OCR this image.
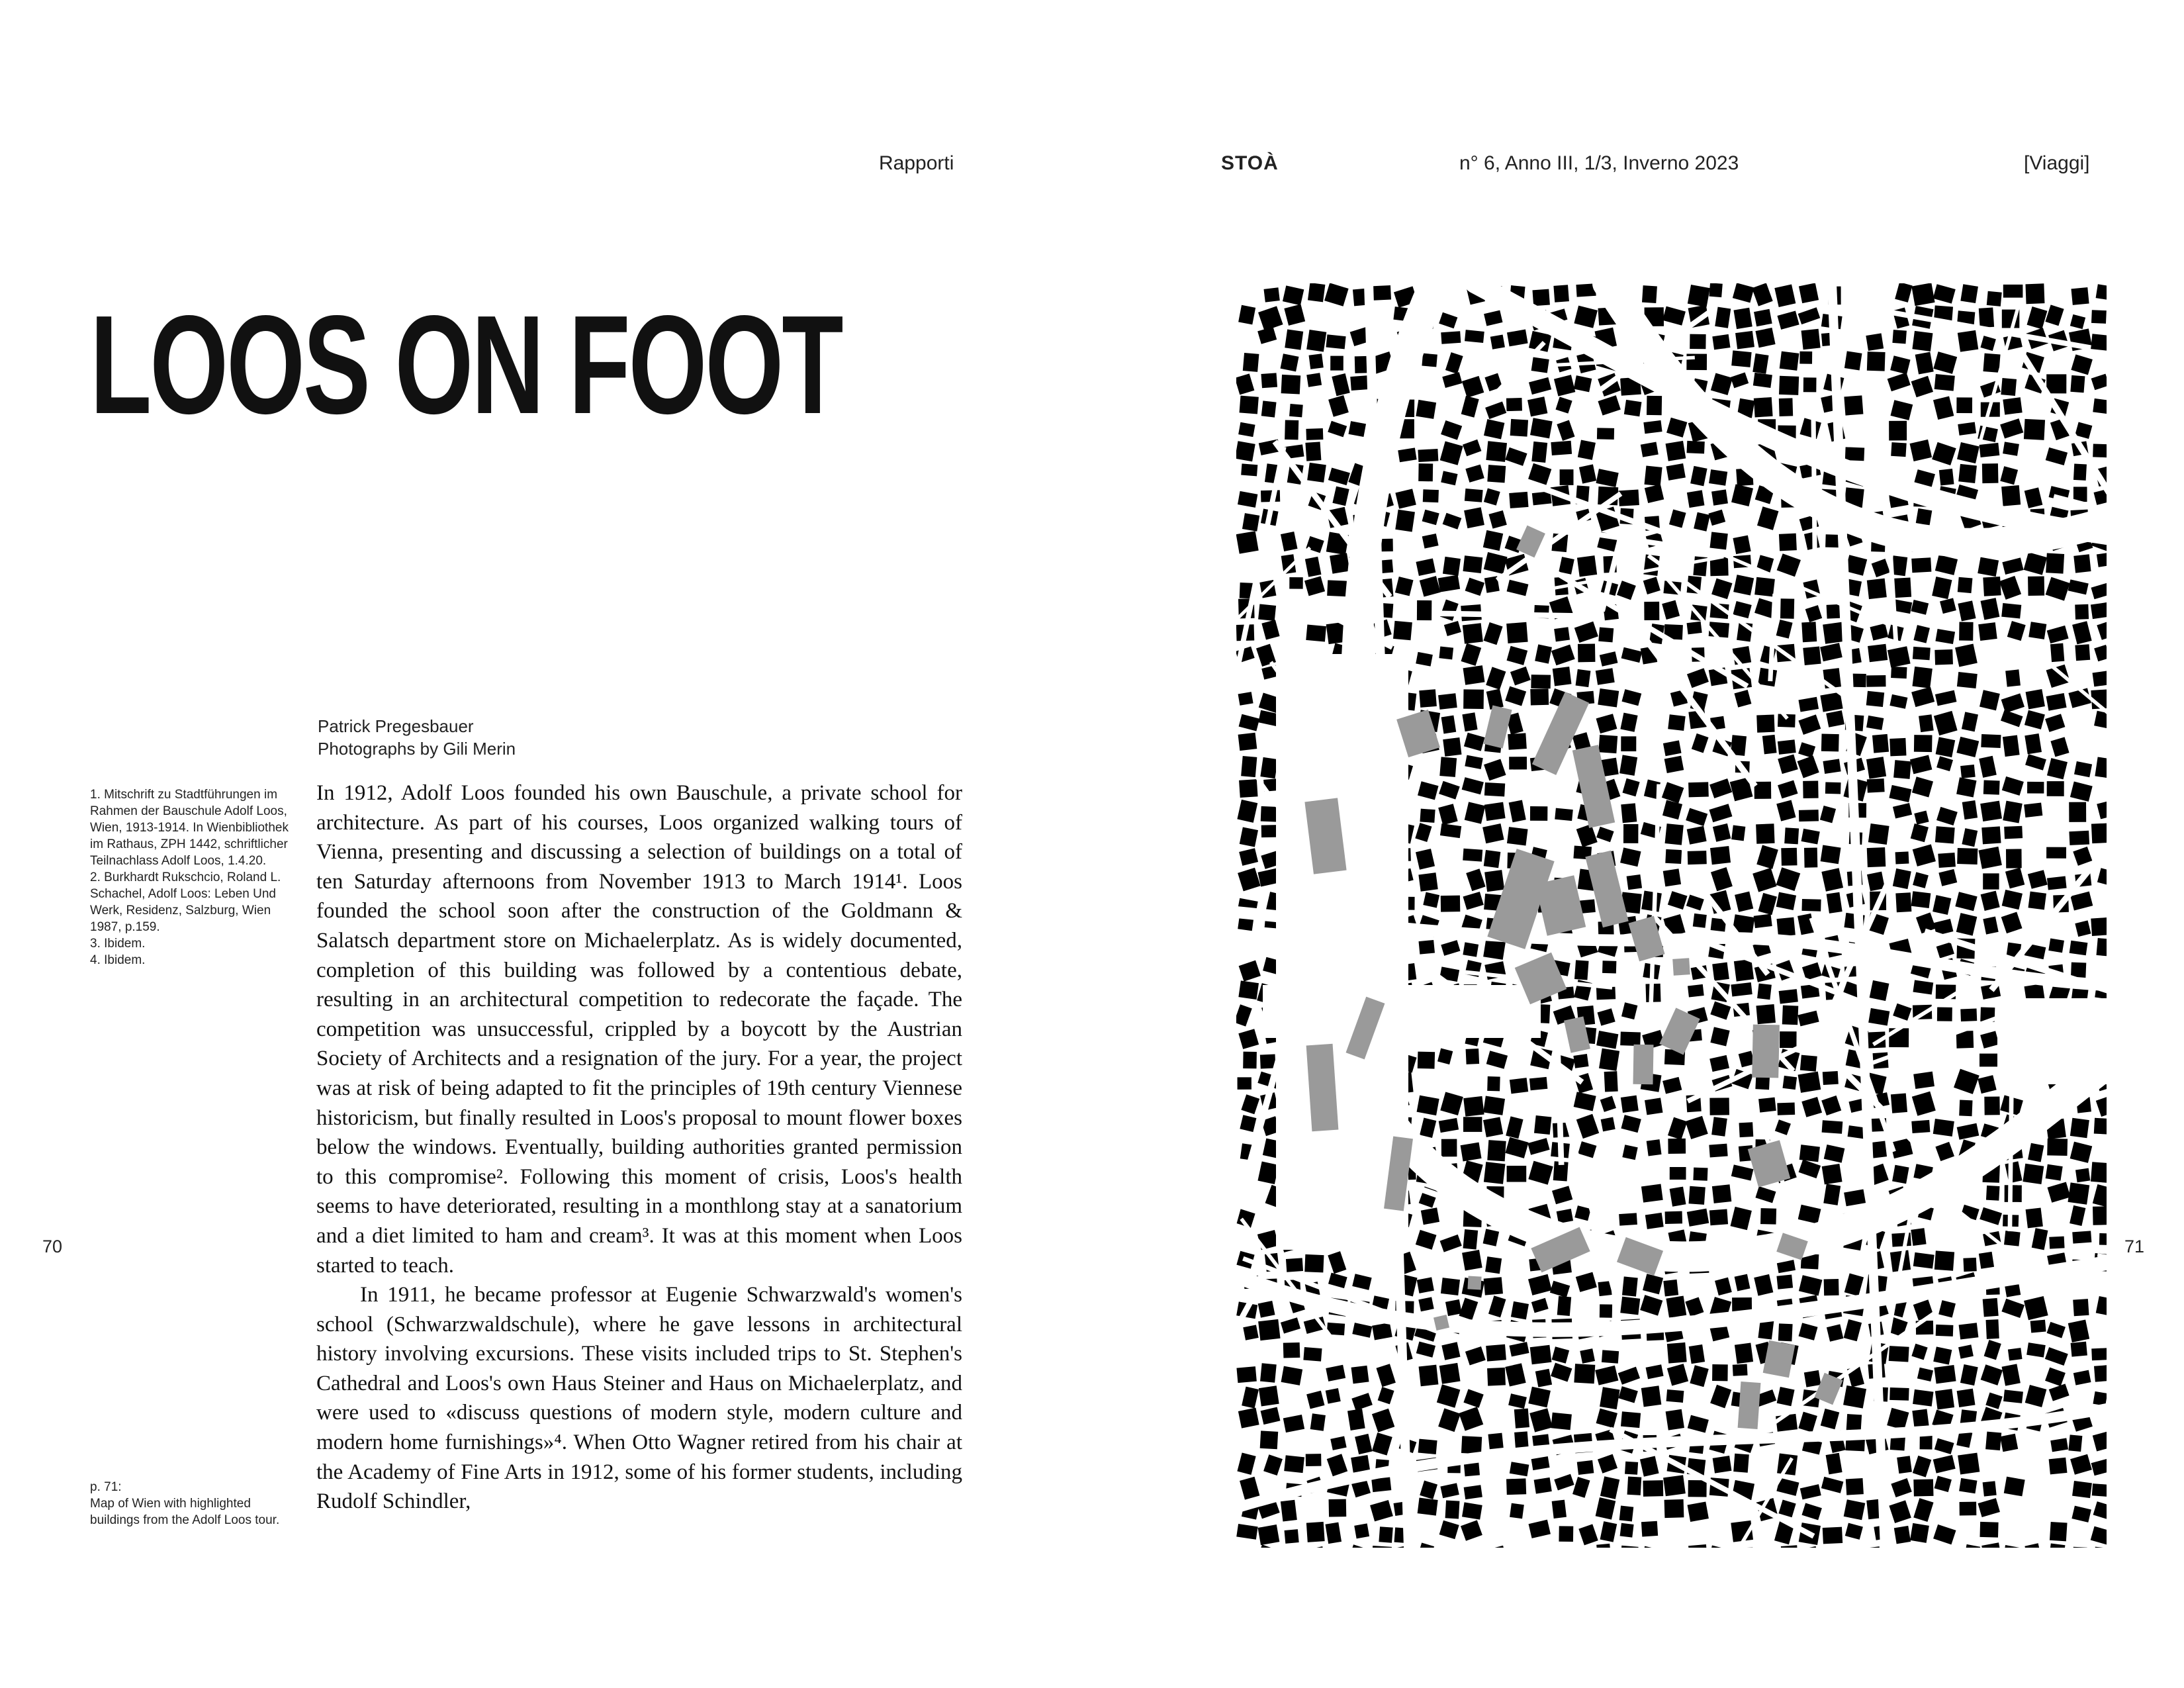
Rapporti	STOÀ	n° 6, Anno III, 1/3, Inverno 2023	[Viaggi]
LOOS ON FOOT
Patrick Pregesbauer
Photographs by Gili Merin

1. Mitschrift zu Stadtführungen im Rahmen der Bauschule Adolf Loos, Wien, 1913-1914. In Wienbibliothek im Rathaus, ZPH 1442, schriftlicher Teilnachlass Adolf Loos, 1.4.20.

2. Burkhardt Rukschcio, Roland L. Schachel, Adolf Loos: Leben Und Werk, Residenz, Salzburg, Wien 1987, p.159.

3. Ibidem.

4. Ibidem.

In 1912, Adolf Loos founded his own Bauschule, a private school for architecture. As part of his courses, Loos organized walking tours of Vienna, presenting and discussing a selection of buildings on a total of ten Saturday afternoons from November 1913 to March 1914¹. Loos founded the school soon after the construction of the Goldmann & Salatsch department store on Michaelerplatz. As is widely documented, completion of this building was followed by a contentious debate, resulting in an architectural competition to redecorate the façade. The competition was unsuccessful, crippled by a boycott by the Austrian Society of Architects and a resignation of the jury. For a year, the project was at risk of being adapted to fit the principles of 19th century Viennese historicism, but finally resulted in Loos's proposal to mount flower boxes below the windows. Eventually, building authorities granted permission to this compromise². Following this moment of crisis, Loos's health seems to have deteriorated, resulting in a monthlong stay at a sanatorium and a diet limited to ham and cream³. It was at this moment when Loos started to teach.

In 1911, he became professor at Eugenie Schwarzwald's women's school (Schwarzwaldschule), where he gave lessons in architectural history involving excursions. These visits included trips to St. Stephen's Cathedral and Loos's own Haus Steiner and Haus on Michaelerplatz, and were used to «discuss questions of modern style, modern culture and modern home furnishings»⁴. When Otto Wagner retired from his chair at the Academy of Fine Arts in 1912, some of his former students, including Rudolf Schindler,

p. 71:

Map of Wien with highlighted buildings from the Adolf Loos tour.

70	71
